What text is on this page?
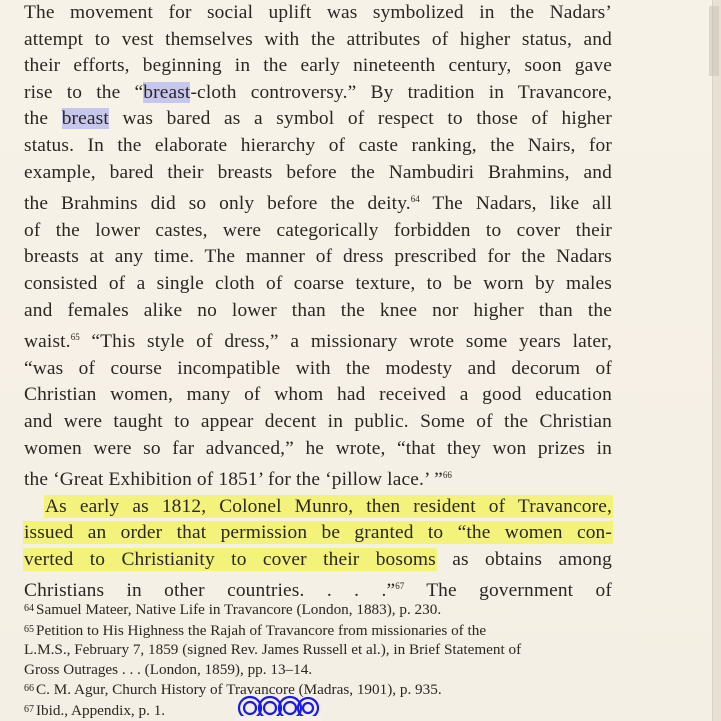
The movement for social uplift was symbolized in the Nadars’
attempt to vest themselves with the attributes of higher status, and
their efforts, beginning in the early nineteenth century, soon gave
rise to the “breast-cloth controversy.” By tradition in Travancore,
the breast was bared as a symbol of respect to those of higher
status. In the elaborate hierarchy of caste ranking, the Nairs, for
example, bared their breasts before the Nambudiri Brahmins, and
the Brahmins did so only before the deity.$^{64}$ The Nadars, like all
of the lower castes, were categorically forbidden to cover their
breasts at any time. The manner of dress prescribed for the Nadars
consisted of a single cloth of coarse texture, to be worn by males
and females alike no lower than the knee nor higher than the
waist.$^{65}$ “This style of dress,” a missionary wrote some years later,
“was of course incompatible with the modesty and decorum of
Christian women, many of whom had received a good education
and were taught to appear decent in public. Some of the Christian
women were so far advanced,” he wrote, “that they won prizes in
the ‘Great Exhibition of 1851’ for the ‘pillow lace.’ ”$^{66}$
As early as 1812, Colonel Munro, then resident of Travancore,
issued an order that permission be granted to “the women con-
verted to Christianity to cover their bosoms as obtains among
Christians in other countries. . . .”$^{67}$ The government of
64 Samuel Mateer, Native Life in Travancore (London, 1883), p. 230.
65 Petition to His Highness the Rajah of Travancore from missionaries of the
L.M.S., February 7, 1859 (signed Rev. James Russell et al.), in Brief Statement of
Gross Outrages . . . (London, 1859), pp. 13–14.
66 C. M. Agur, Church History of Travancore (Madras, 1901), p. 935.
67 Ibid., Appendix, p. 1.
